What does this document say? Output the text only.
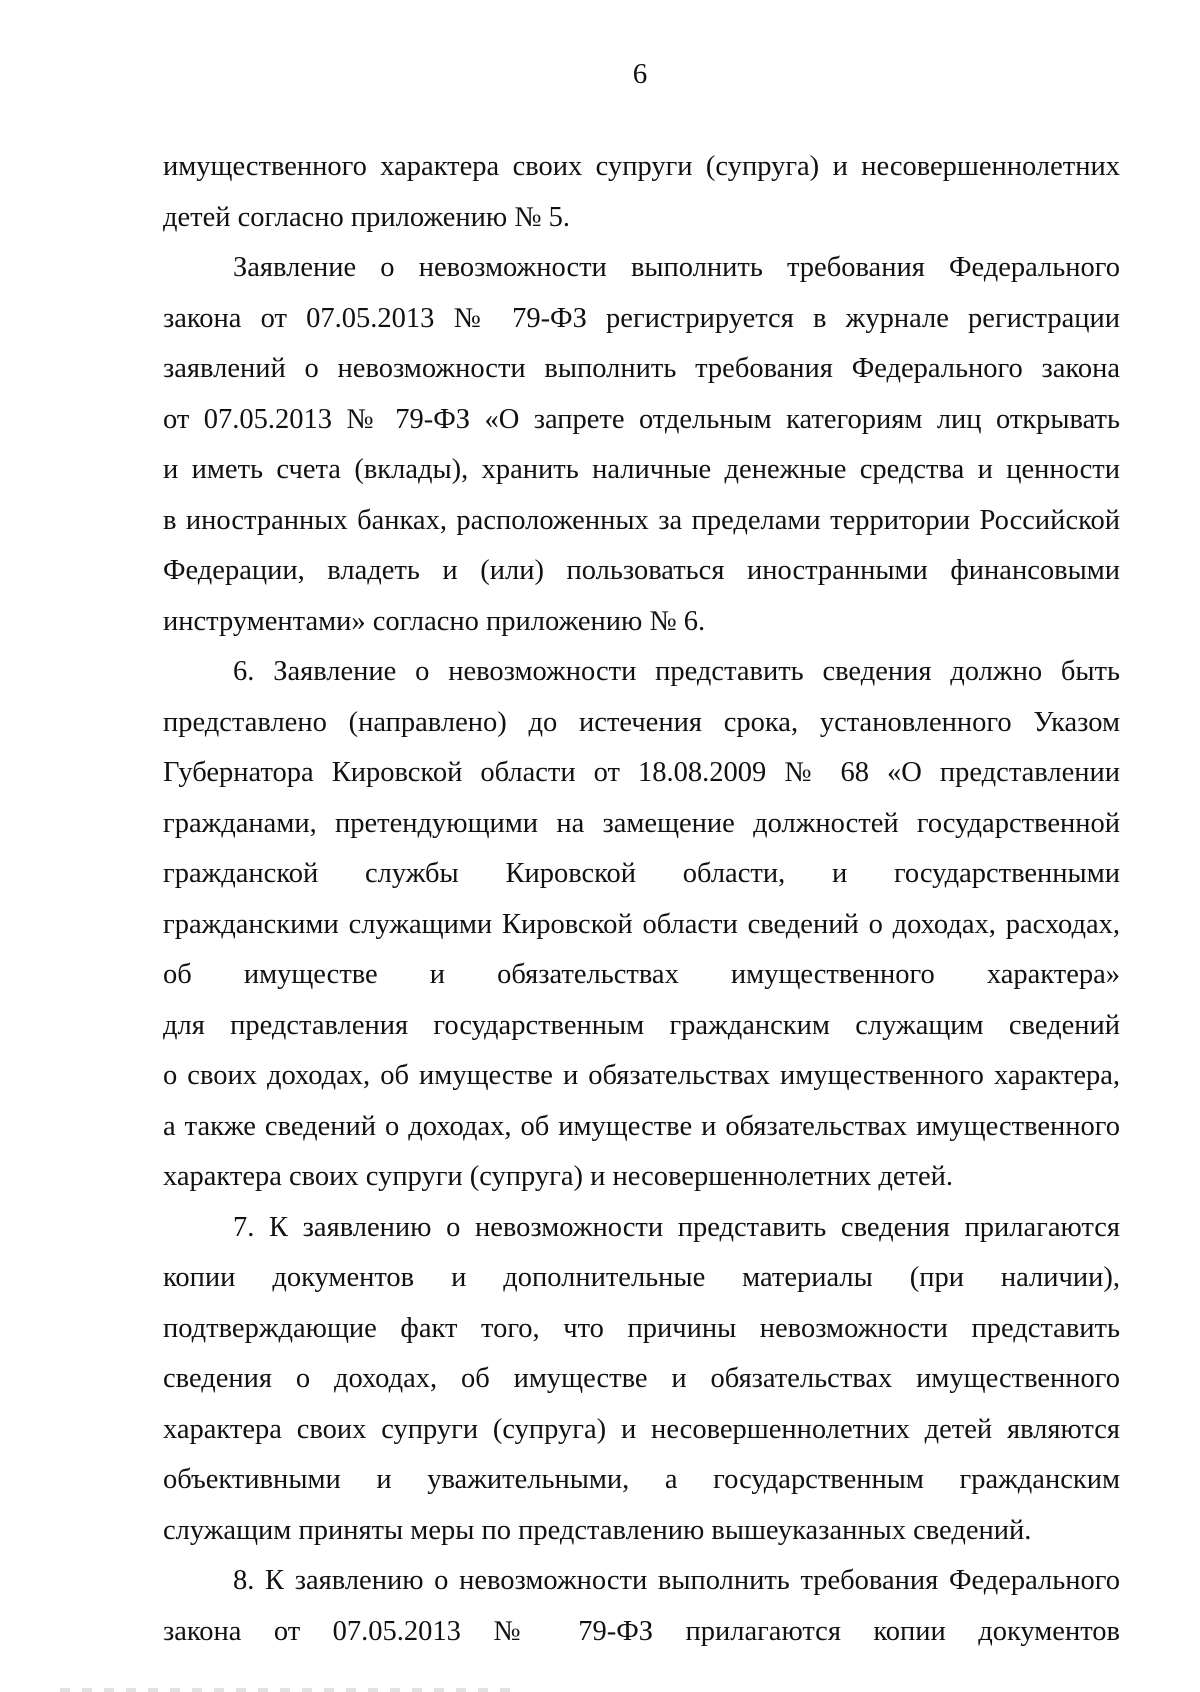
6
имущественного характера своих супруги (супруга) и несовершеннолетних
детей согласно приложению № 5.
Заявление о невозможности выполнить требования Федерального
закона от 07.05.2013 № 79-ФЗ регистрируется в журнале регистрации
заявлений о невозможности выполнить требования Федерального закона
от 07.05.2013 № 79-ФЗ «О запрете отдельным категориям лиц открывать
и иметь счета (вклады), хранить наличные денежные средства и ценности
в иностранных банках, расположенных за пределами территории Российской
Федерации, владеть и (или) пользоваться иностранными финансовыми
инструментами» согласно приложению № 6.
6. Заявление о невозможности представить сведения должно быть
представлено (направлено) до истечения срока, установленного Указом
Губернатора Кировской области от 18.08.2009 № 68 «О представлении
гражданами, претендующими на замещение должностей государственной
гражданской службы Кировской области, и государственными
гражданскими служащими Кировской области сведений о доходах, расходах,
об имуществе и обязательствах имущественного характера»
для представления государственным гражданским служащим сведений
о своих доходах, об имуществе и обязательствах имущественного характера,
а также сведений о доходах, об имуществе и обязательствах имущественного
характера своих супруги (супруга) и несовершеннолетних детей.
7. К заявлению о невозможности представить сведения прилагаются
копии документов и дополнительные материалы (при наличии),
подтверждающие факт того, что причины невозможности представить
сведения о доходах, об имуществе и обязательствах имущественного
характера своих супруги (супруга) и несовершеннолетних детей являются
объективными и уважительными, а государственным гражданским
служащим приняты меры по представлению вышеуказанных сведений.
8. К заявлению о невозможности выполнить требования Федерального
закона от 07.05.2013 № 79-ФЗ прилагаются копии документов
